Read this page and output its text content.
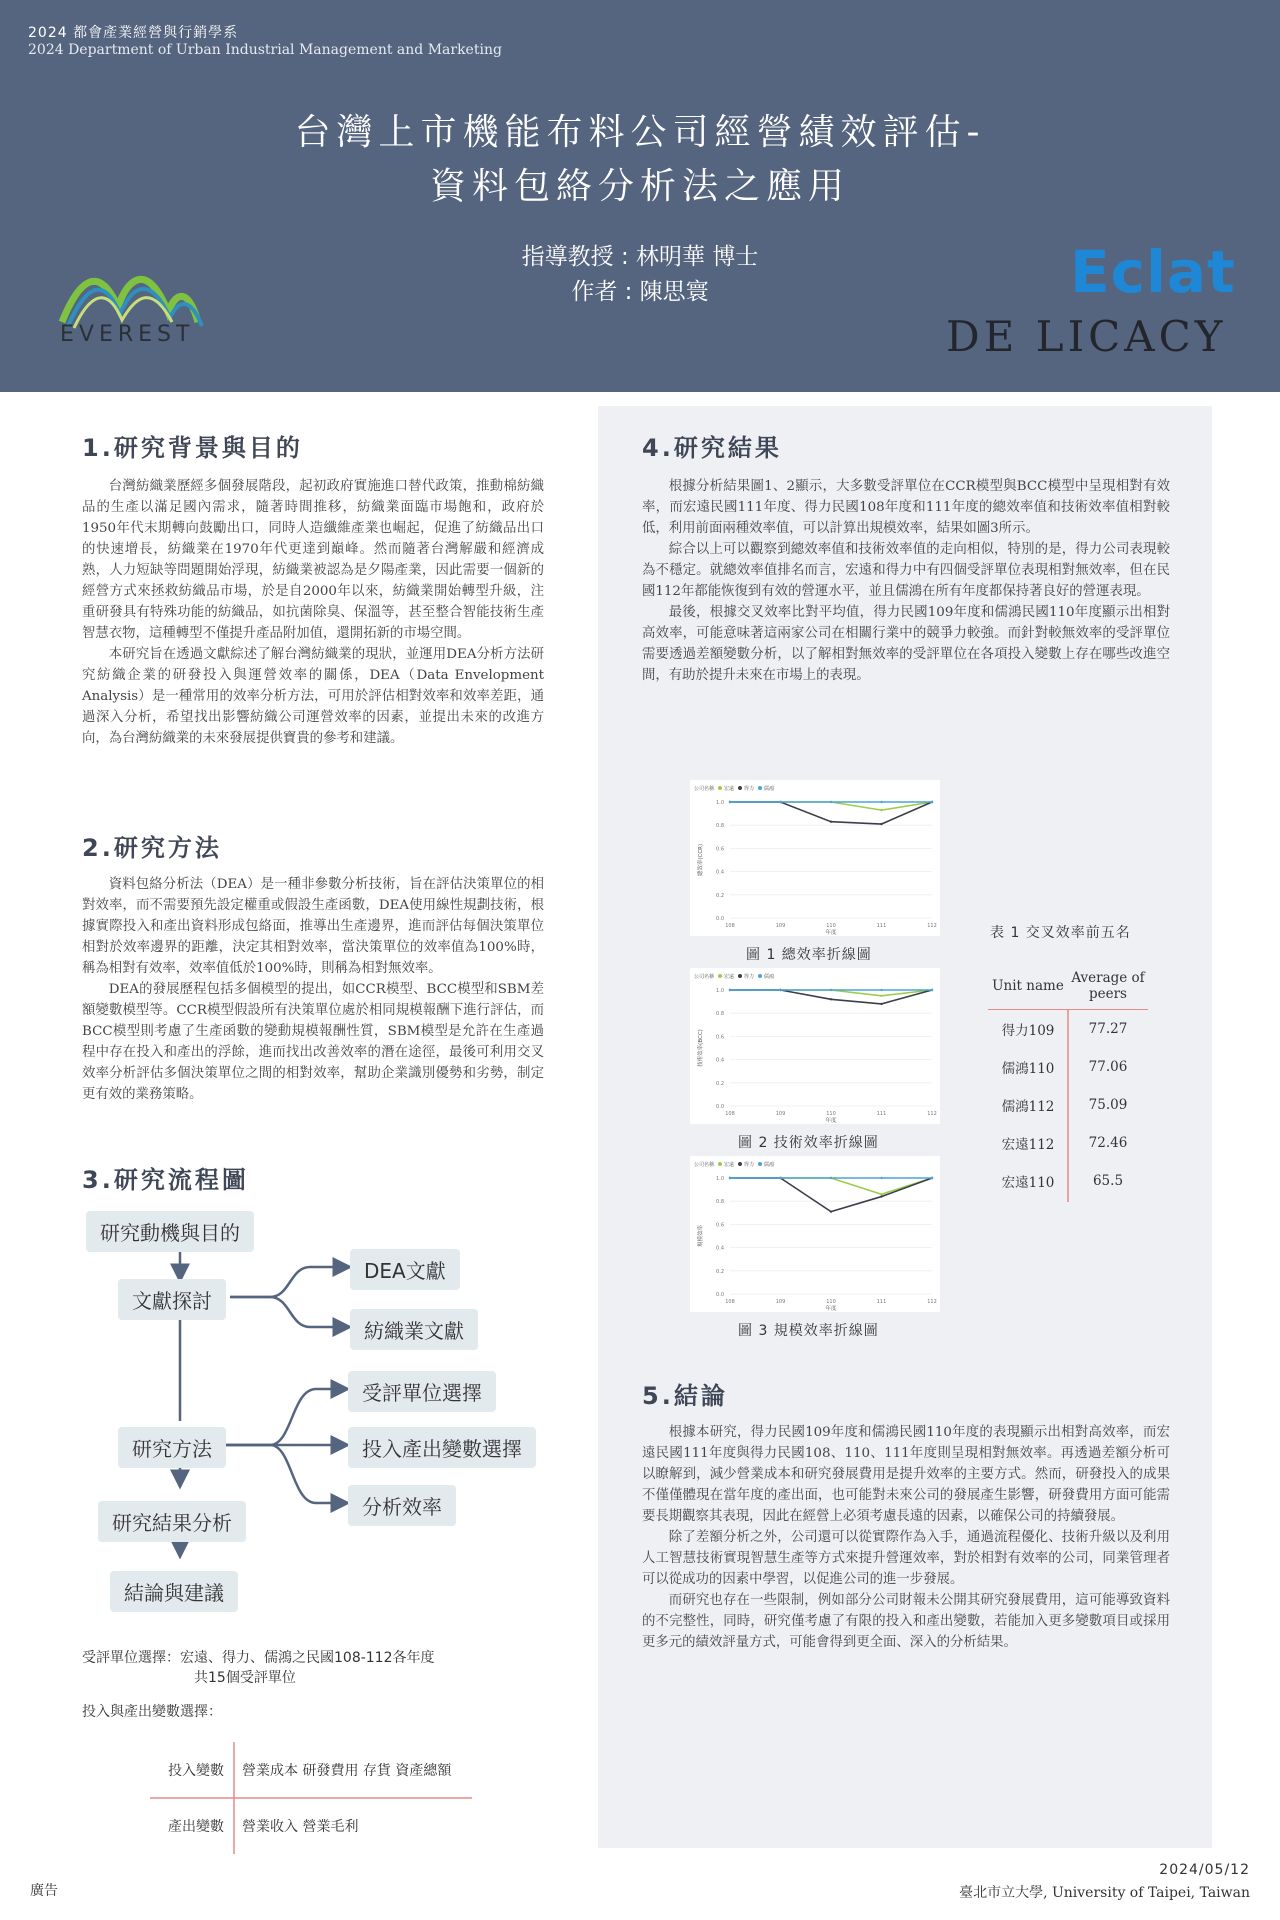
2024 都會產業經營與行銷學系
2024 Department of Urban Industrial Management and Marketing
台灣上市機能布料公司經營績效評估-
資料包絡分析法之應用
指導教授 : 林明華 博士
作者 : 陳思寰
EVEREST
Eclat
DE LICACY
1.研究背景與目的

台灣紡織業歷經多個發展階段，起初政府實施進口替代政策，推動棉紡織品的生產以滿足國內需求，隨著時間推移，紡織業面臨市場飽和，政府於1950年代末期轉向鼓勵出口，同時人造纖維產業也崛起，促進了紡織品出口的快速增長，紡織業在1970年代更達到巔峰。然而隨著台灣解嚴和經濟成熟，人力短缺等問題開始浮現，紡織業被認為是夕陽產業，因此需要一個新的經營方式來拯救紡織品市場，於是自2000年以來，紡織業開始轉型升級，注重研發具有特殊功能的紡織品，如抗菌除臭、保溫等，甚至整合智能技術生產智慧衣物，這種轉型不僅提升產品附加值，還開拓新的市場空間。

本研究旨在透過文獻綜述了解台灣紡織業的現狀，並運用DEA分析方法研究紡織企業的研發投入與運營效率的關係，DEA（Data Envelopment Analysis）是一種常用的效率分析方法，可用於評估相對效率和效率差距，通過深入分析，希望找出影響紡織公司運營效率的因素，並提出未來的改進方向，為台灣紡織業的未來發展提供寶貴的參考和建議。

2.研究方法

資料包絡分析法（DEA）是一種非參數分析技術，旨在評估決策單位的相對效率，而不需要預先設定權重或假設生產函數，DEA使用線性規劃技術，根據實際投入和產出資料形成包絡面，推導出生產邊界，進而評估每個決策單位相對於效率邊界的距離，決定其相對效率，當決策單位的效率值為100%時，稱為相對有效率，效率值低於100%時，則稱為相對無效率。

DEA的發展歷程包括多個模型的提出，如CCR模型、BCC模型和SBM差額變數模型等。CCR模型假設所有決策單位處於相同規模報酬下進行評估，而BCC模型則考慮了生產函數的變動規模報酬性質，SBM模型是允許在生產過程中存在投入和產出的浮餘，進而找出改善效率的潛在途徑，最後可利用交叉效率分析評估多個決策單位之間的相對效率，幫助企業識別優勢和劣勢，制定更有效的業務策略。

3.研究流程圖
研究動機與目的
文獻探討
DEA文獻
紡織業文獻
受評單位選擇
研究方法	投入產出變數選擇
分析效率
研究結果分析
結論與建議
受評單位選擇：宏遠、得力、儒鴻之民國108-112各年度
共15個受評單位
投入與產出變數選擇：
投入變數	營業成本 研發費用 存貨 資產總額
產出變數	營業收入 營業毛利
4.研究結果

根據分析結果圖1、2顯示，大多數受評單位在CCR模型與BCC模型中呈現相對有效率，而宏遠民國111年度、得力民國108年度和111年度的總效率值和技術效率值相對較低，利用前面兩種效率值，可以計算出規模效率，結果如圖3所示。

綜合以上可以觀察到總效率值和技術效率值的走向相似，特別的是，得力公司表現較為不穩定。就總效率值排名而言，宏遠和得力中有四個受評單位表現相對無效率，但在民國112年都能恢復到有效的營運水平，並且儒鴻在所有年度都保持著良好的營運表現。

最後，根據交叉效率比對平均值，得力民國109年度和儒鴻民國110年度顯示出相對高效率，可能意味著這兩家公司在相關行業中的競爭力較強。而針對較無效率的受評單位需要透過差額變數分析，以了解相對無效率的受評單位在各項投入變數上存在哪些改進空間，有助於提升未來在市場上的表現。

公司名稱 宏遠 得力 儒鴻
0.0
0.2
0.4
0.6
0.8
1.0
108	109	110	111	112
年度
總效率(CCR)
圖 1 總效率折線圖
公司名稱 宏遠 得力 儒鴻
0.0
0.2
0.4
0.6
0.8
1.0
108	109	110	111	112
年度
技術效率(BCC)
圖 2 技術效率折線圖
公司名稱 宏遠 得力 儒鴻
0.0
0.2
0.4
0.6
0.8
1.0
108	109	110	111	112
年度
規模效率
圖 3 規模效率折線圖
表 1 交叉效率前五名
Unit name Average of peers
得力109	77.27
儒鴻110	77.06
儒鴻112	75.09
宏遠112	72.46
宏遠110	65.5
5.結論

根據本研究，得力民國109年度和儒鴻民國110年度的表現顯示出相對高效率，而宏遠民國111年度與得力民國108、110、111年度則呈現相對無效率。再透過差額分析可以瞭解到，減少營業成本和研究發展費用是提升效率的主要方式。然而，研發投入的成果不僅僅體現在當年度的產出面，也可能對未來公司的發展產生影響，研發費用方面可能需要長期觀察其表現，因此在經營上必須考慮長遠的因素，以確保公司的持續發展。

除了差額分析之外，公司還可以從實際作為入手，通過流程優化、技術升級以及利用人工智慧技術實現智慧生產等方式來提升營運效率，對於相對有效率的公司，同業管理者可以從成功的因素中學習，以促進公司的進一步發展。

而研究也存在一些限制，例如部分公司財報未公開其研究發展費用，這可能導致資料的不完整性，同時，研究僅考慮了有限的投入和產出變數，若能加入更多變數項目或採用更多元的績效評量方式，可能會得到更全面、深入的分析結果。

廣告
2024/05/12
臺北市立大學, University of Taipei, Taiwan
